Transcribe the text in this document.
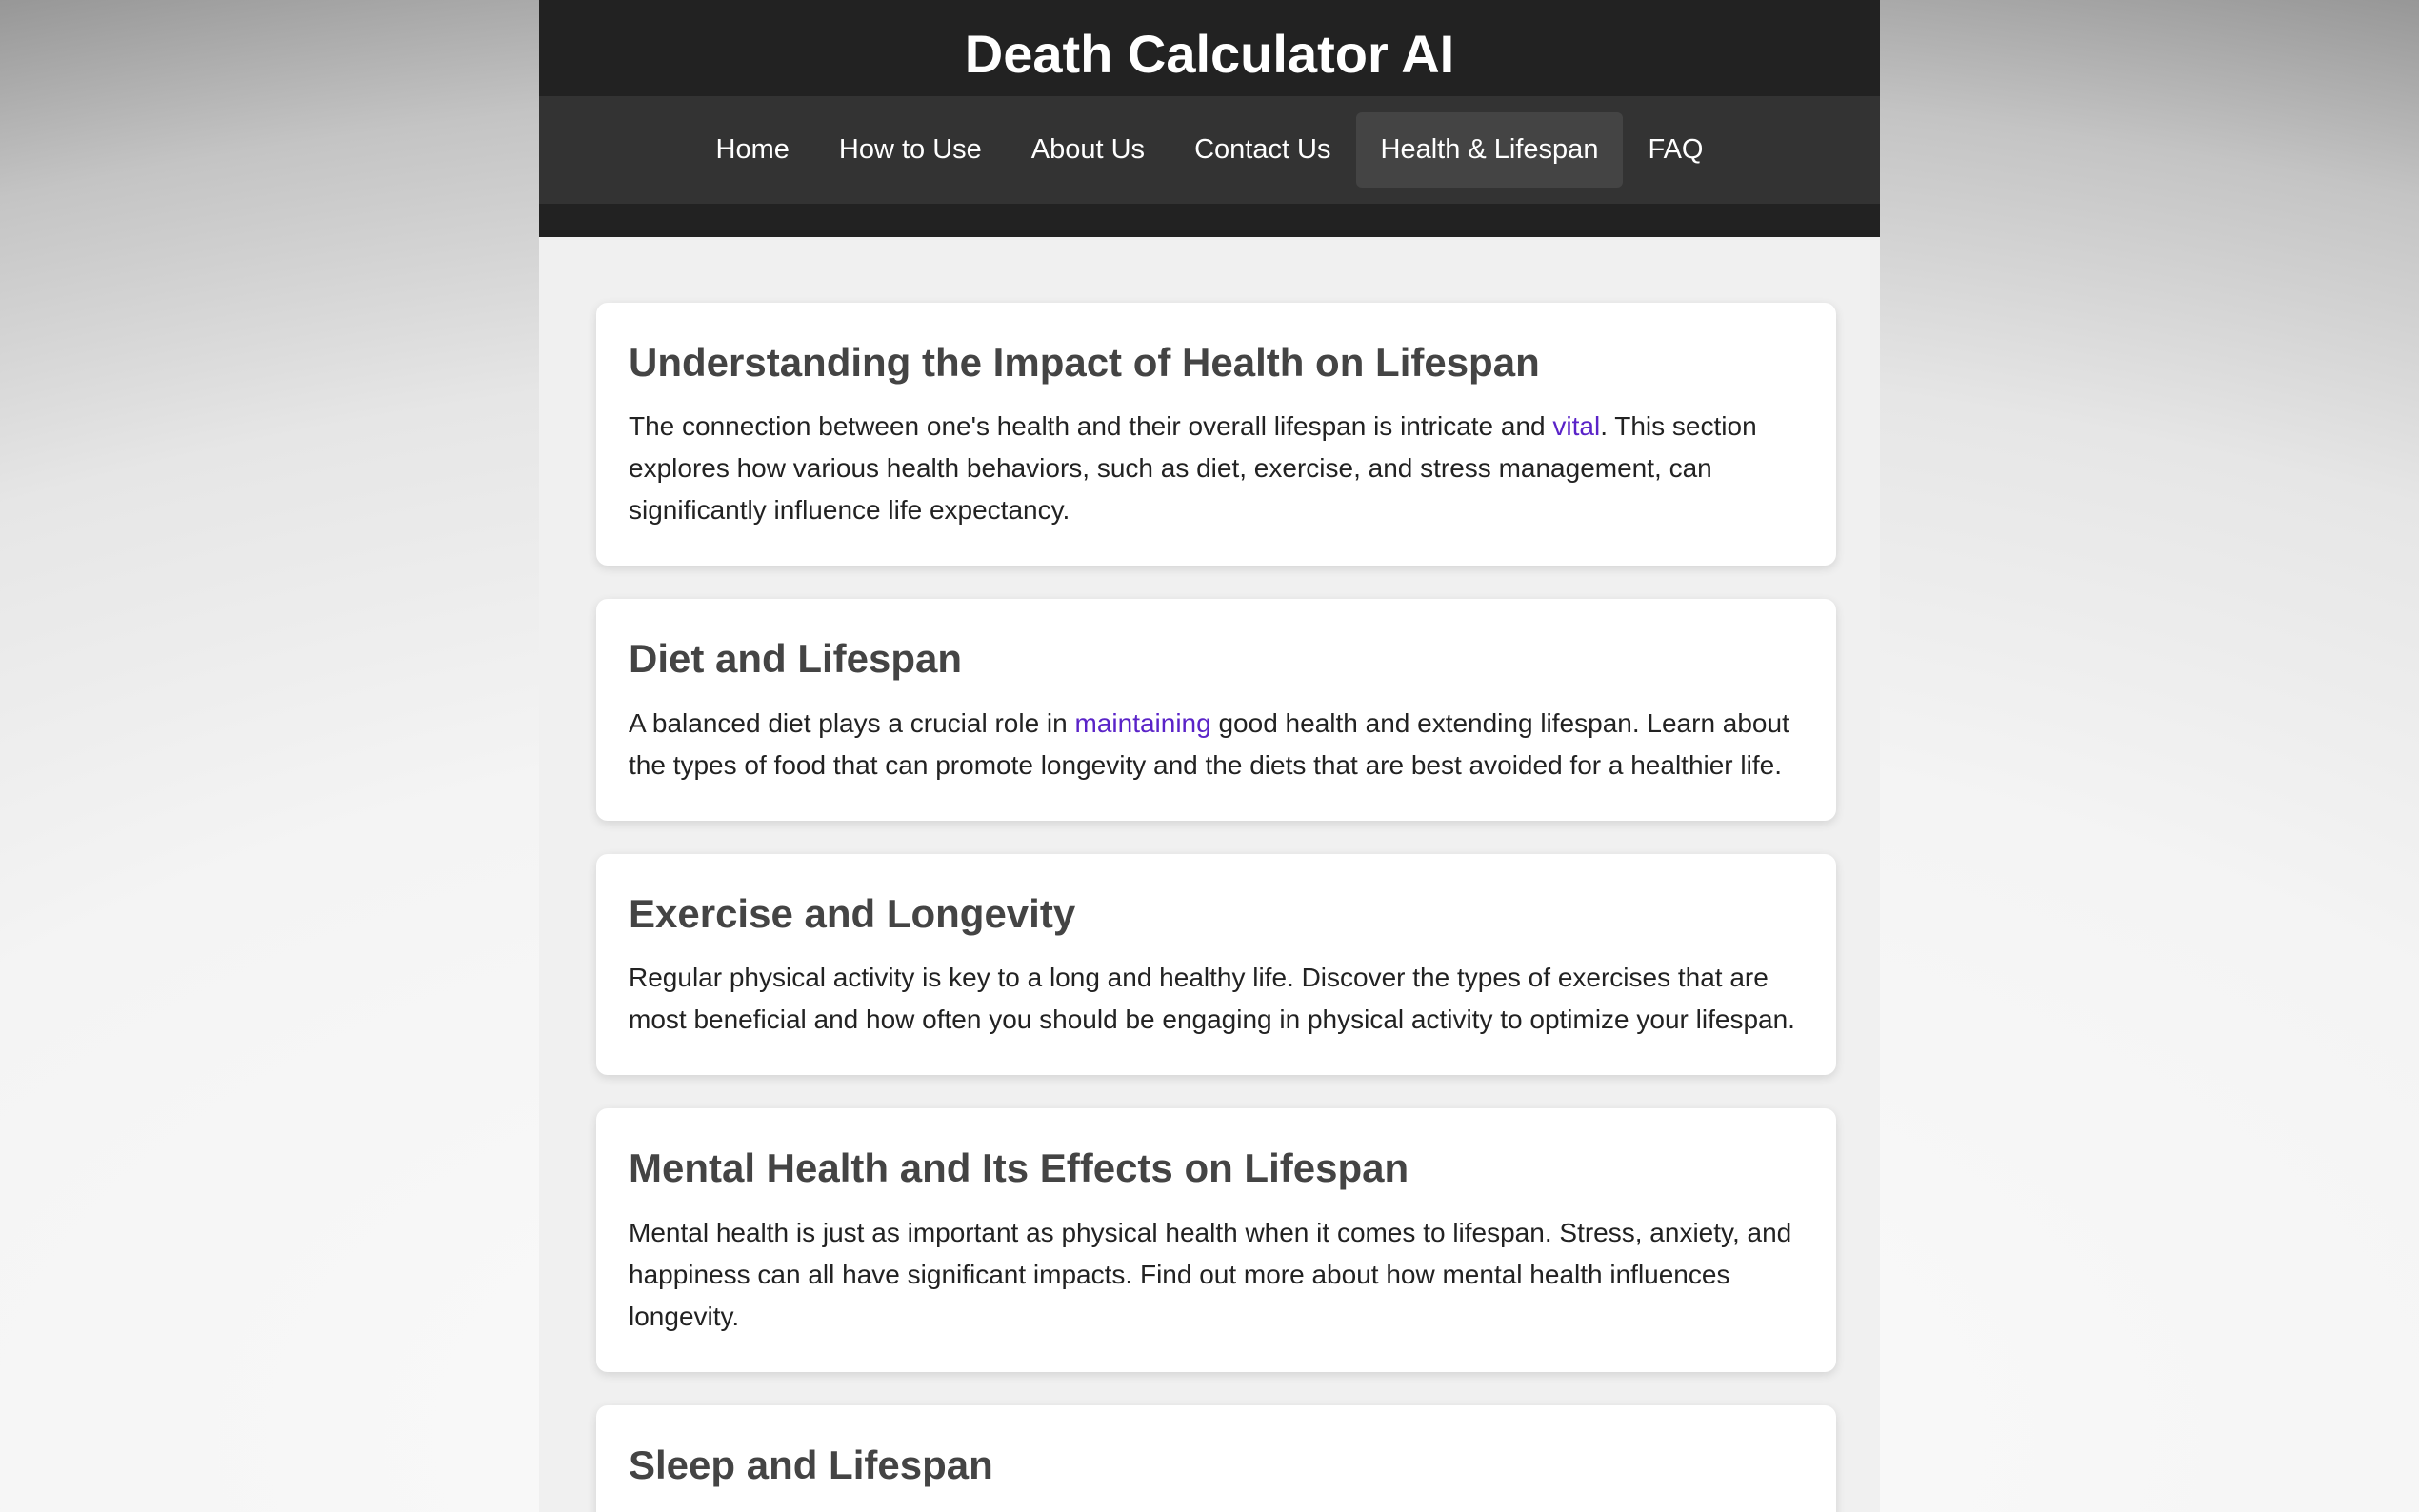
Death Calculator AI
Home	How to Use	About Us	Contact Us	Health & Lifespan	FAQ
Understanding the Impact of Health on Lifespan

The connection between one's health and their overall lifespan is intricate and vital. This section explores how various health behaviors, such as diet, exercise, and stress management, can significantly influence life expectancy.

Diet and Lifespan

A balanced diet plays a crucial role in maintaining good health and extending lifespan. Learn about the types of food that can promote longevity and the diets that are best avoided for a healthier life.

Exercise and Longevity

Regular physical activity is key to a long and healthy life. Discover the types of exercises that are most beneficial and how often you should be engaging in physical activity to optimize your lifespan.

Mental Health and Its Effects on Lifespan

Mental health is just as important as physical health when it comes to lifespan. Stress, anxiety, and happiness can all have significant impacts. Find out more about how mental health influences longevity.

Sleep and Lifespan
